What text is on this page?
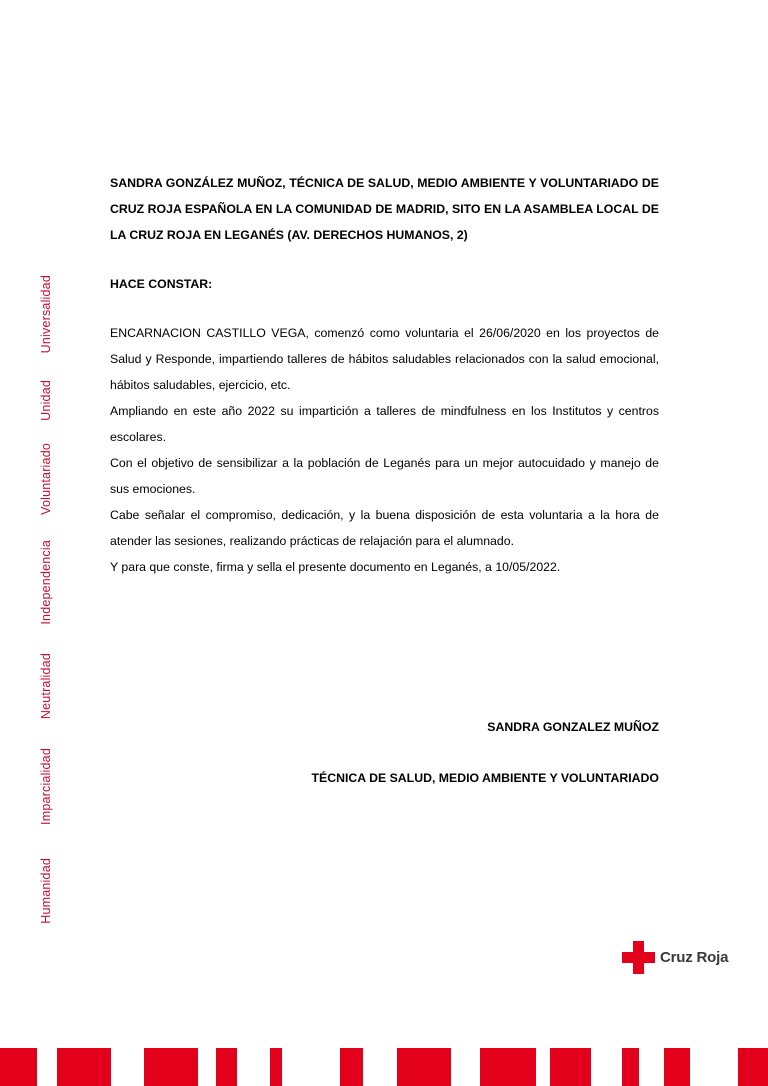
Humanidad
Imparcialidad
Neutralidad
Independencia
Voluntariado
Unidad
Universalidad

SANDRA GONZÁLEZ MUÑOZ, TÉCNICA DE SALUD, MEDIO AMBIENTE Y VOLUNTARIADO DE CRUZ ROJA ESPAÑOLA EN LA COMUNIDAD DE MADRID, SITO EN LA ASAMBLEA LOCAL DE LA CRUZ ROJA EN LEGANÉS (AV. DERECHOS HUMANOS, 2)

HACE CONSTAR:

ENCARNACION CASTILLO VEGA, comenzó como voluntaria el 26/06/2020 en los proyectos de Salud y Responde, impartiendo talleres de hábitos saludables relacionados con la salud emocional, hábitos saludables, ejercicio, etc.

Ampliando en este año 2022 su impartición a talleres de mindfulness en los Institutos y centros escolares.

Con el objetivo de sensibilizar a la población de Leganés para un mejor autocuidado y manejo de sus emociones.

Cabe señalar el compromiso, dedicación, y la buena disposición de esta voluntaria a la hora de atender las sesiones, realizando prácticas de relajación para el alumnado.

Y para que conste, firma y sella el presente documento en Leganés, a 10/05/2022.

SANDRA GONZALEZ MUÑOZ
TÉCNICA DE SALUD, MEDIO AMBIENTE Y VOLUNTARIADO
Cruz Roja
